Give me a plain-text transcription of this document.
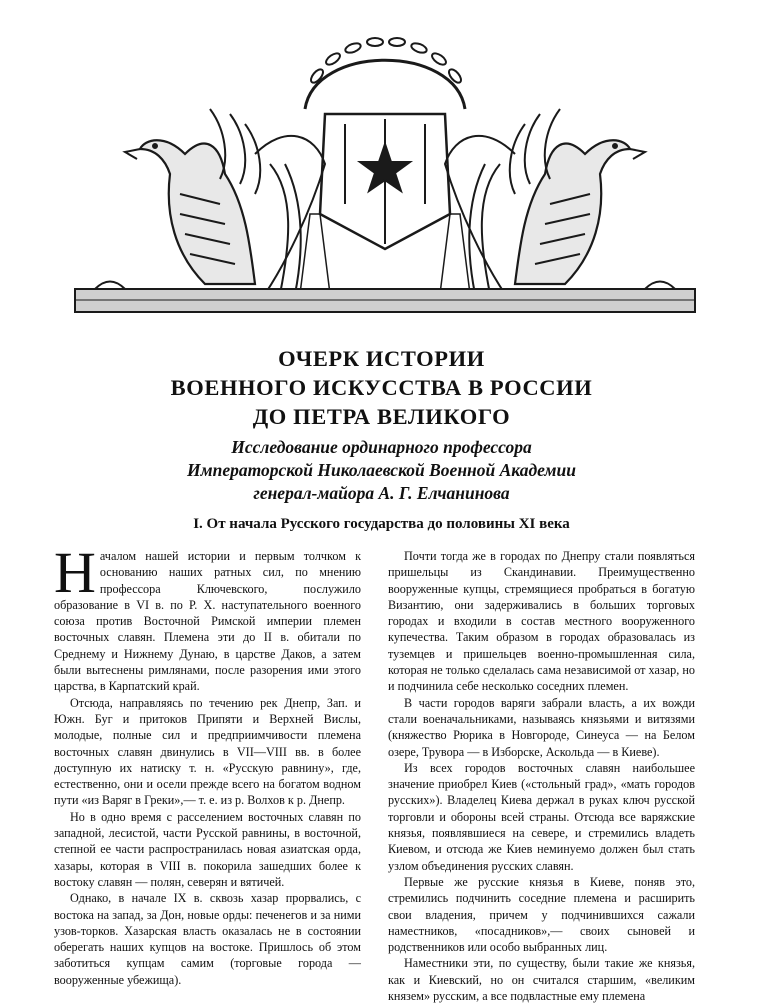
ОЧЕРК ИСТОРИИ
ВОЕННОГО ИСКУССТВА В РОССИИ
ДО ПЕТРА ВЕЛИКОГО
Исследование ординарного профессора
Императорской Николаевской Военной Академии
генерал-майора А. Г. Елчанинова
I. От начала Русского государства до половины XI века

Началом нашей истории и первым толчком к основанию наших ратных сил, по мнению профессора Ключевского, послужило образование в VI в. по Р. Х. наступательного военного союза против Восточной Римской империи племен восточных славян. Племена эти до II в. обитали по Среднему и Нижнему Дунаю, в царстве Даков, а затем были вытеснены римлянами, после разорения ими этого царства, в Карпатский край.

Отсюда, направляясь по течению рек Днепр, Зап. и Южн. Буг и притоков Припяти и Верхней Вислы, молодые, полные сил и предприимчивости племена восточных славян двинулись в VII—VIII вв. в более доступную их натиску т. н. «Русскую равнину», где, естественно, они и осели прежде всего на богатом водном пути «из Варяг в Греки»,— т. е. из р. Волхов к р. Днепр.

Но в одно время с расселением восточных славян по западной, лесистой, части Русской равнины, в восточной, степной ее части распространилась новая азиатская орда, хазары, которая в VIII в. покорила зашедших более к востоку славян — полян, северян и вятичей.

Однако, в начале IX в. сквозь хазар прорвались, с востока на запад, за Дон, новые орды: печенегов и за ними узов-торков. Хазарская власть оказалась не в состоянии оберегать наших купцов на востоке. Пришлось об этом заботиться купцам самим (торговые города — вооруженные убежища).

Почти тогда же в городах по Днепру стали появляться пришельцы из Скандинавии. Преимущественно вооруженные купцы, стремящиеся пробраться в богатую Византию, они задерживались в больших торговых городах и входили в состав местного вооруженного купечества. Таким образом в городах образовалась из туземцев и пришельцев военно-промышленная сила, которая не только сделалась сама независимой от хазар, но и подчинила себе несколько соседних племен.

В части городов варяги забрали власть, а их вожди стали военачальниками, называясь князьями и витязями (княжество Рюрика в Новгороде, Синеуса — на Белом озере, Трувора — в Изборске, Аскольда — в Киеве).

Из всех городов восточных славян наибольшее значение приобрел Киев («стольный град», «мать городов русских»). Владелец Киева держал в руках ключ русской торговли и обороны всей страны. Отсюда все варяжские князья, появлявшиеся на севере, и стремились владеть Киевом, и отсюда же Киев неминуемо должен был стать узлом объединения русских славян.

Первые же русские князья в Киеве, поняв это, стремились подчинить соседние племена и расширить свои владения, причем у подчинившихся сажали наместников, «посадников»,— своих сыновей и родственников или особо выбранных лиц.

Наместники эти, по существу, были такие же князья, как и Киевский, но он считался старшим, «великим князем» русским, а все подвластные ему племена
